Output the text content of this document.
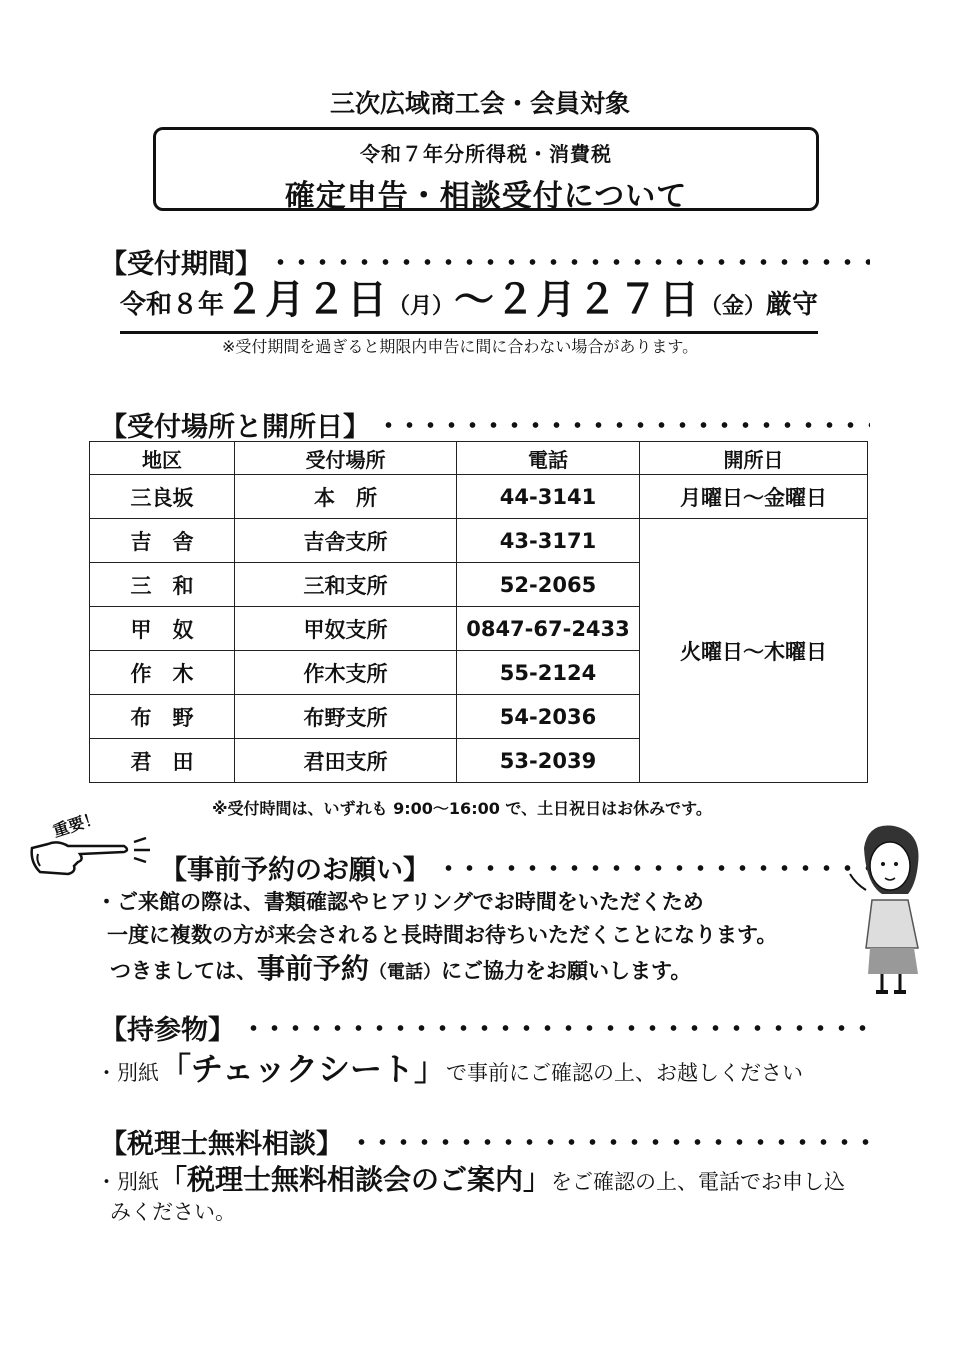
三次広域商工会・会員対象
令和７年分所得税・消費税
確定申告・相談受付について
【受付期間】
令和８年２月２日（月）～２月２７日（金）厳守
※受付期間を過ぎると期限内申告に間に合わない場合があります。
【受付場所と開所日】
地区	受付場所	電話	開所日
三良坂	本　所	44-3141	月曜日～金曜日
吉　舎	吉舎支所	43-3171	火曜日～木曜日
三　和	三和支所	52-2065	
甲　奴	甲奴支所	0847-67-2433	
作　木	作木支所	55-2124	
布　野	布野支所	54-2036	
君　田	君田支所	53-2039	
※受付時間は、いずれも 9:00～16:00 で、土日祝日はお休みです。
重要！
【事前予約のお願い】
・ご来館の際は、書類確認やヒアリングでお時間をいただくため
一度に複数の方が来会されると長時間お待ちいただくことになります。
つきましては、事前予約（電話）にご協力をお願いします。
【持参物】
・別紙「チェックシート」で事前にご確認の上、お越しください
【税理士無料相談】
・別紙「税理士無料相談会のご案内」をご確認の上、電話でお申し込
みください。
